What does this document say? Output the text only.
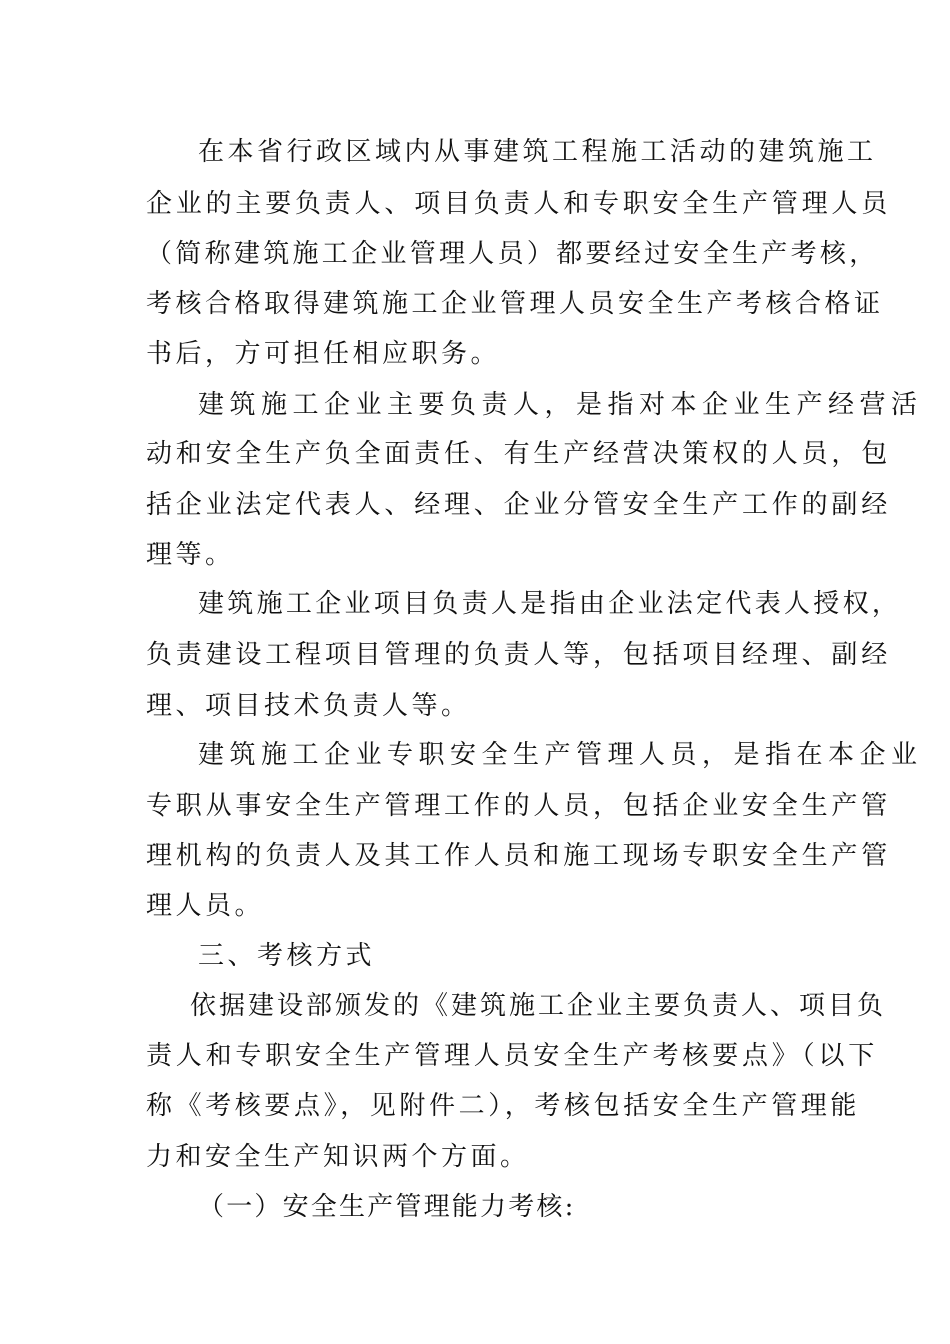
在本省行政区域内从事建筑工程施工活动的建筑施工
企业的主要负责人、项目负责人和专职安全生产管理人员
（简称建筑施工企业管理人员）都要经过安全生产考核，
考核合格取得建筑施工企业管理人员安全生产考核合格证
书后，方可担任相应职务。
建筑施工企业主要负责人，是指对本企业生产经营活
动和安全生产负全面责任、有生产经营决策权的人员，包
括企业法定代表人、经理、企业分管安全生产工作的副经
理等。
建筑施工企业项目负责人是指由企业法定代表人授权，
负责建设工程项目管理的负责人等，包括项目经理、副经
理、项目技术负责人等。
建筑施工企业专职安全生产管理人员，是指在本企业
专职从事安全生产管理工作的人员，包括企业安全生产管
理机构的负责人及其工作人员和施工现场专职安全生产管
理人员。
三、考核方式
依据建设部颁发的《建筑施工企业主要负责人、项目负
责人和专职安全生产管理人员安全生产考核要点》（以下
称《考核要点》，见附件二），考核包括安全生产管理能
力和安全生产知识两个方面。
（一）安全生产管理能力考核:
